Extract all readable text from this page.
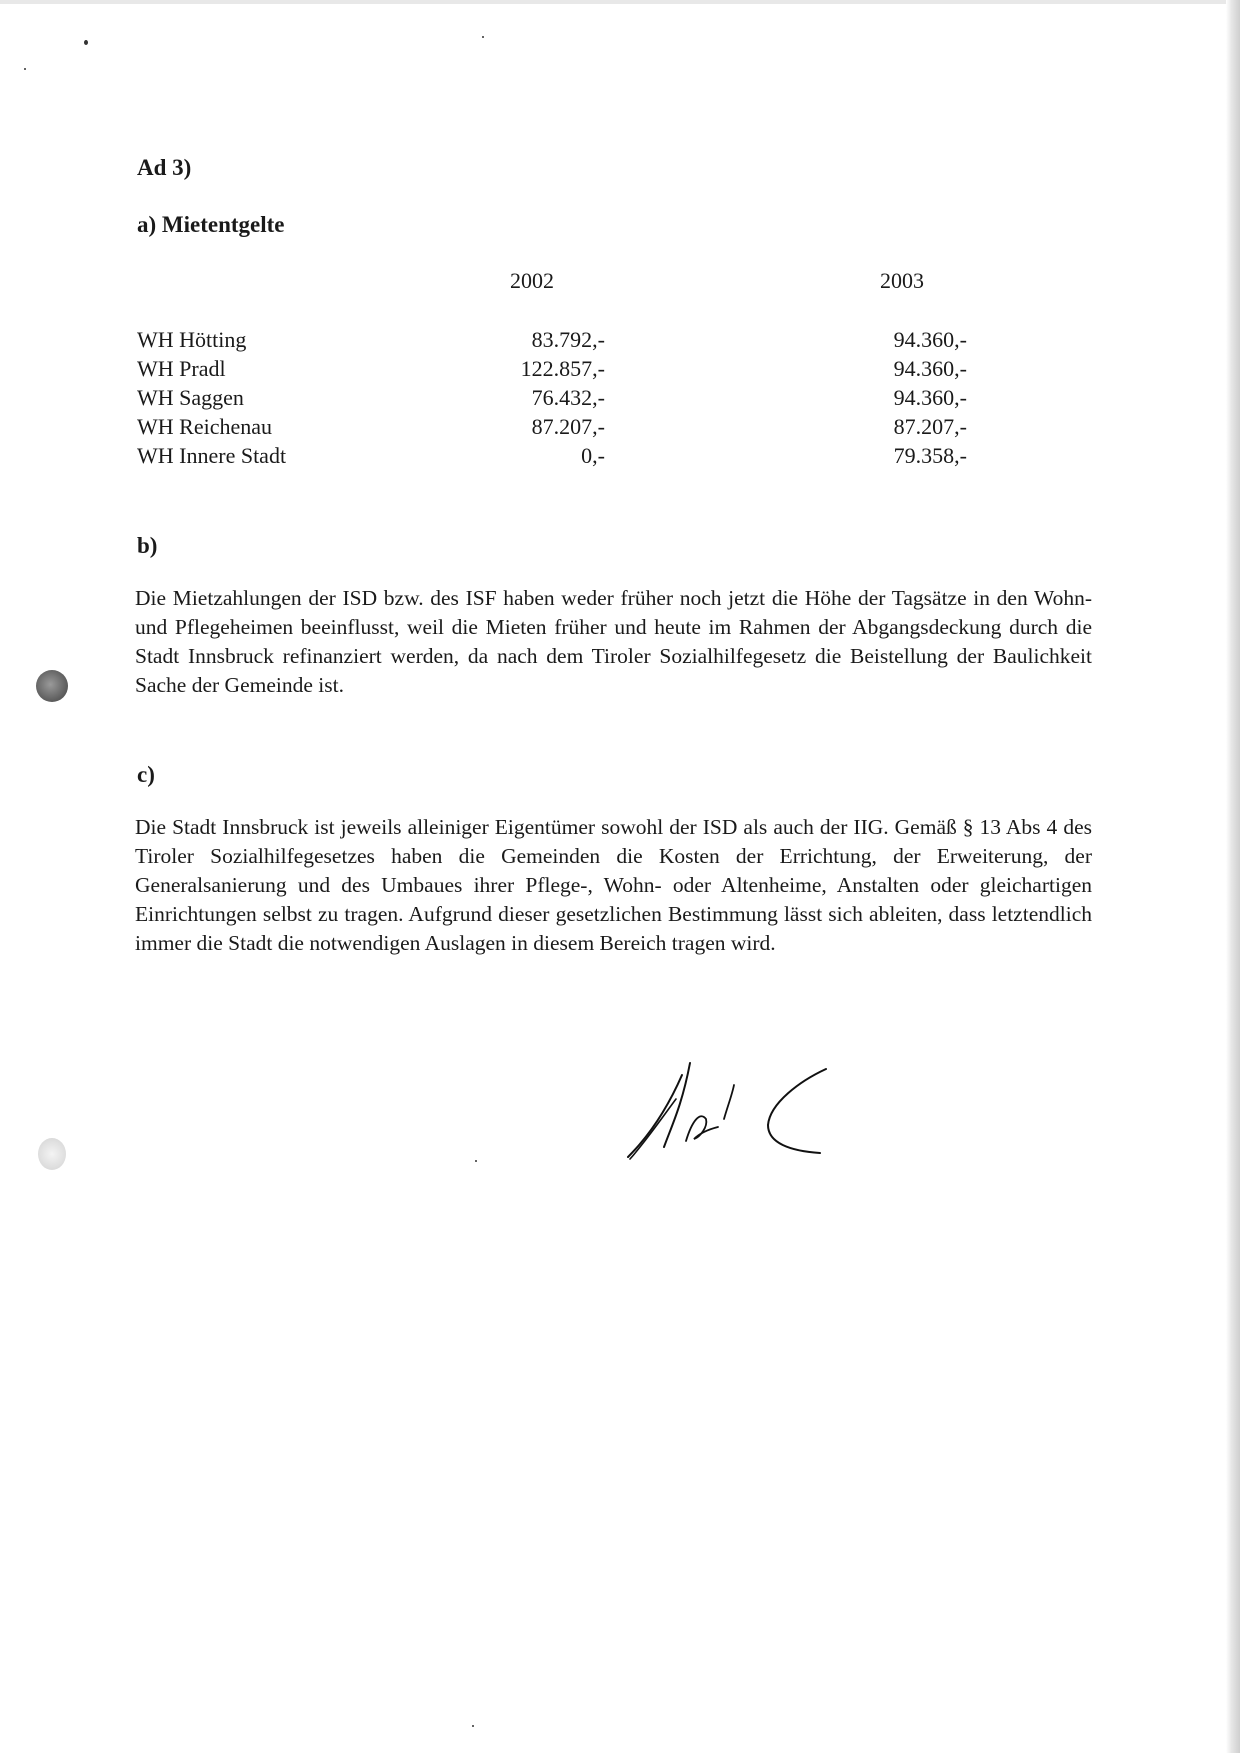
Ad 3)
a) Mietentgelte
2002	2003
WH Hötting	83.792,-	94.360,-
WH Pradl	122.857,-	94.360,-
WH Saggen	76.432,-	94.360,-
WH Reichenau	87.207,-	87.207,-
WH Innere Stadt	0,-	79.358,-
b)

Die Mietzahlungen der ISD bzw. des ISF haben weder früher noch jetzt die Höhe der Tagsätze in den Wohn- und Pflegeheimen beeinflusst, weil die Mieten früher und heute im Rahmen der Abgangsdeckung durch die Stadt Innsbruck refinanziert werden, da nach dem Tiroler Sozialhilfegesetz die Beistellung der Baulichkeit Sache der Gemeinde ist.

c)

Die Stadt Innsbruck ist jeweils alleiniger Eigentümer sowohl der ISD als auch der IIG. Gemäß § 13 Abs 4 des Tiroler Sozialhilfegesetzes haben die Gemeinden die Kosten der Errichtung, der Erweiterung, der Generalsanierung und des Umbaues ihrer Pflege-, Wohn- oder Altenheime, Anstalten oder gleichartigen Einrichtungen selbst zu tragen. Aufgrund dieser gesetzlichen Bestimmung lässt sich ableiten, dass letztendlich immer die Stadt die notwendigen Auslagen in diesem Bereich tragen wird.
